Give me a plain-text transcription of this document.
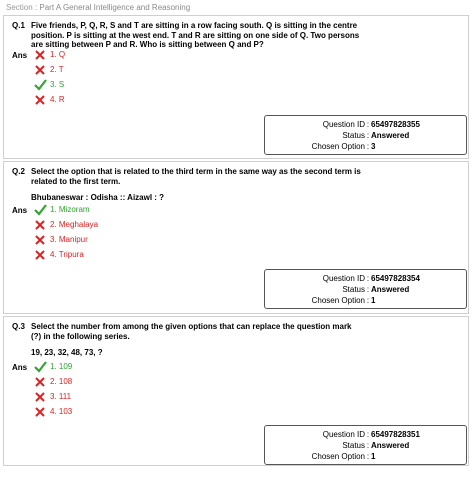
Section : Part A General Intelligence and Reasoning
Q.1 Five friends, P, Q, R, S and T are sitting in a row facing south. Q is sitting in the centre position. P is sitting at the west end. T and R are sitting on one side of Q. Two persons are sitting between P and R. Who is sitting between Q and P?
Ans	1. Q
2. T
3. S
4. R
Question ID : 65497828355
Status : Answered
Chosen Option : 3
Q.2 Select the option that is related to the third term in the same way as the second term is related to the first term.
Bhubaneswar : Odisha :: Aizawl : ?
Ans	1. Mizoram
2. Meghalaya
3. Manipur
4. Tripura
Question ID : 65497828354
Status : Answered
Chosen Option : 1
Q.3 Select the number from among the given options that can replace the question mark (?) in the following series.
19, 23, 32, 48, 73, ?
Ans	1. 109
2. 108
3. 111
4. 103
Question ID : 65497828351
Status : Answered
Chosen Option : 1
